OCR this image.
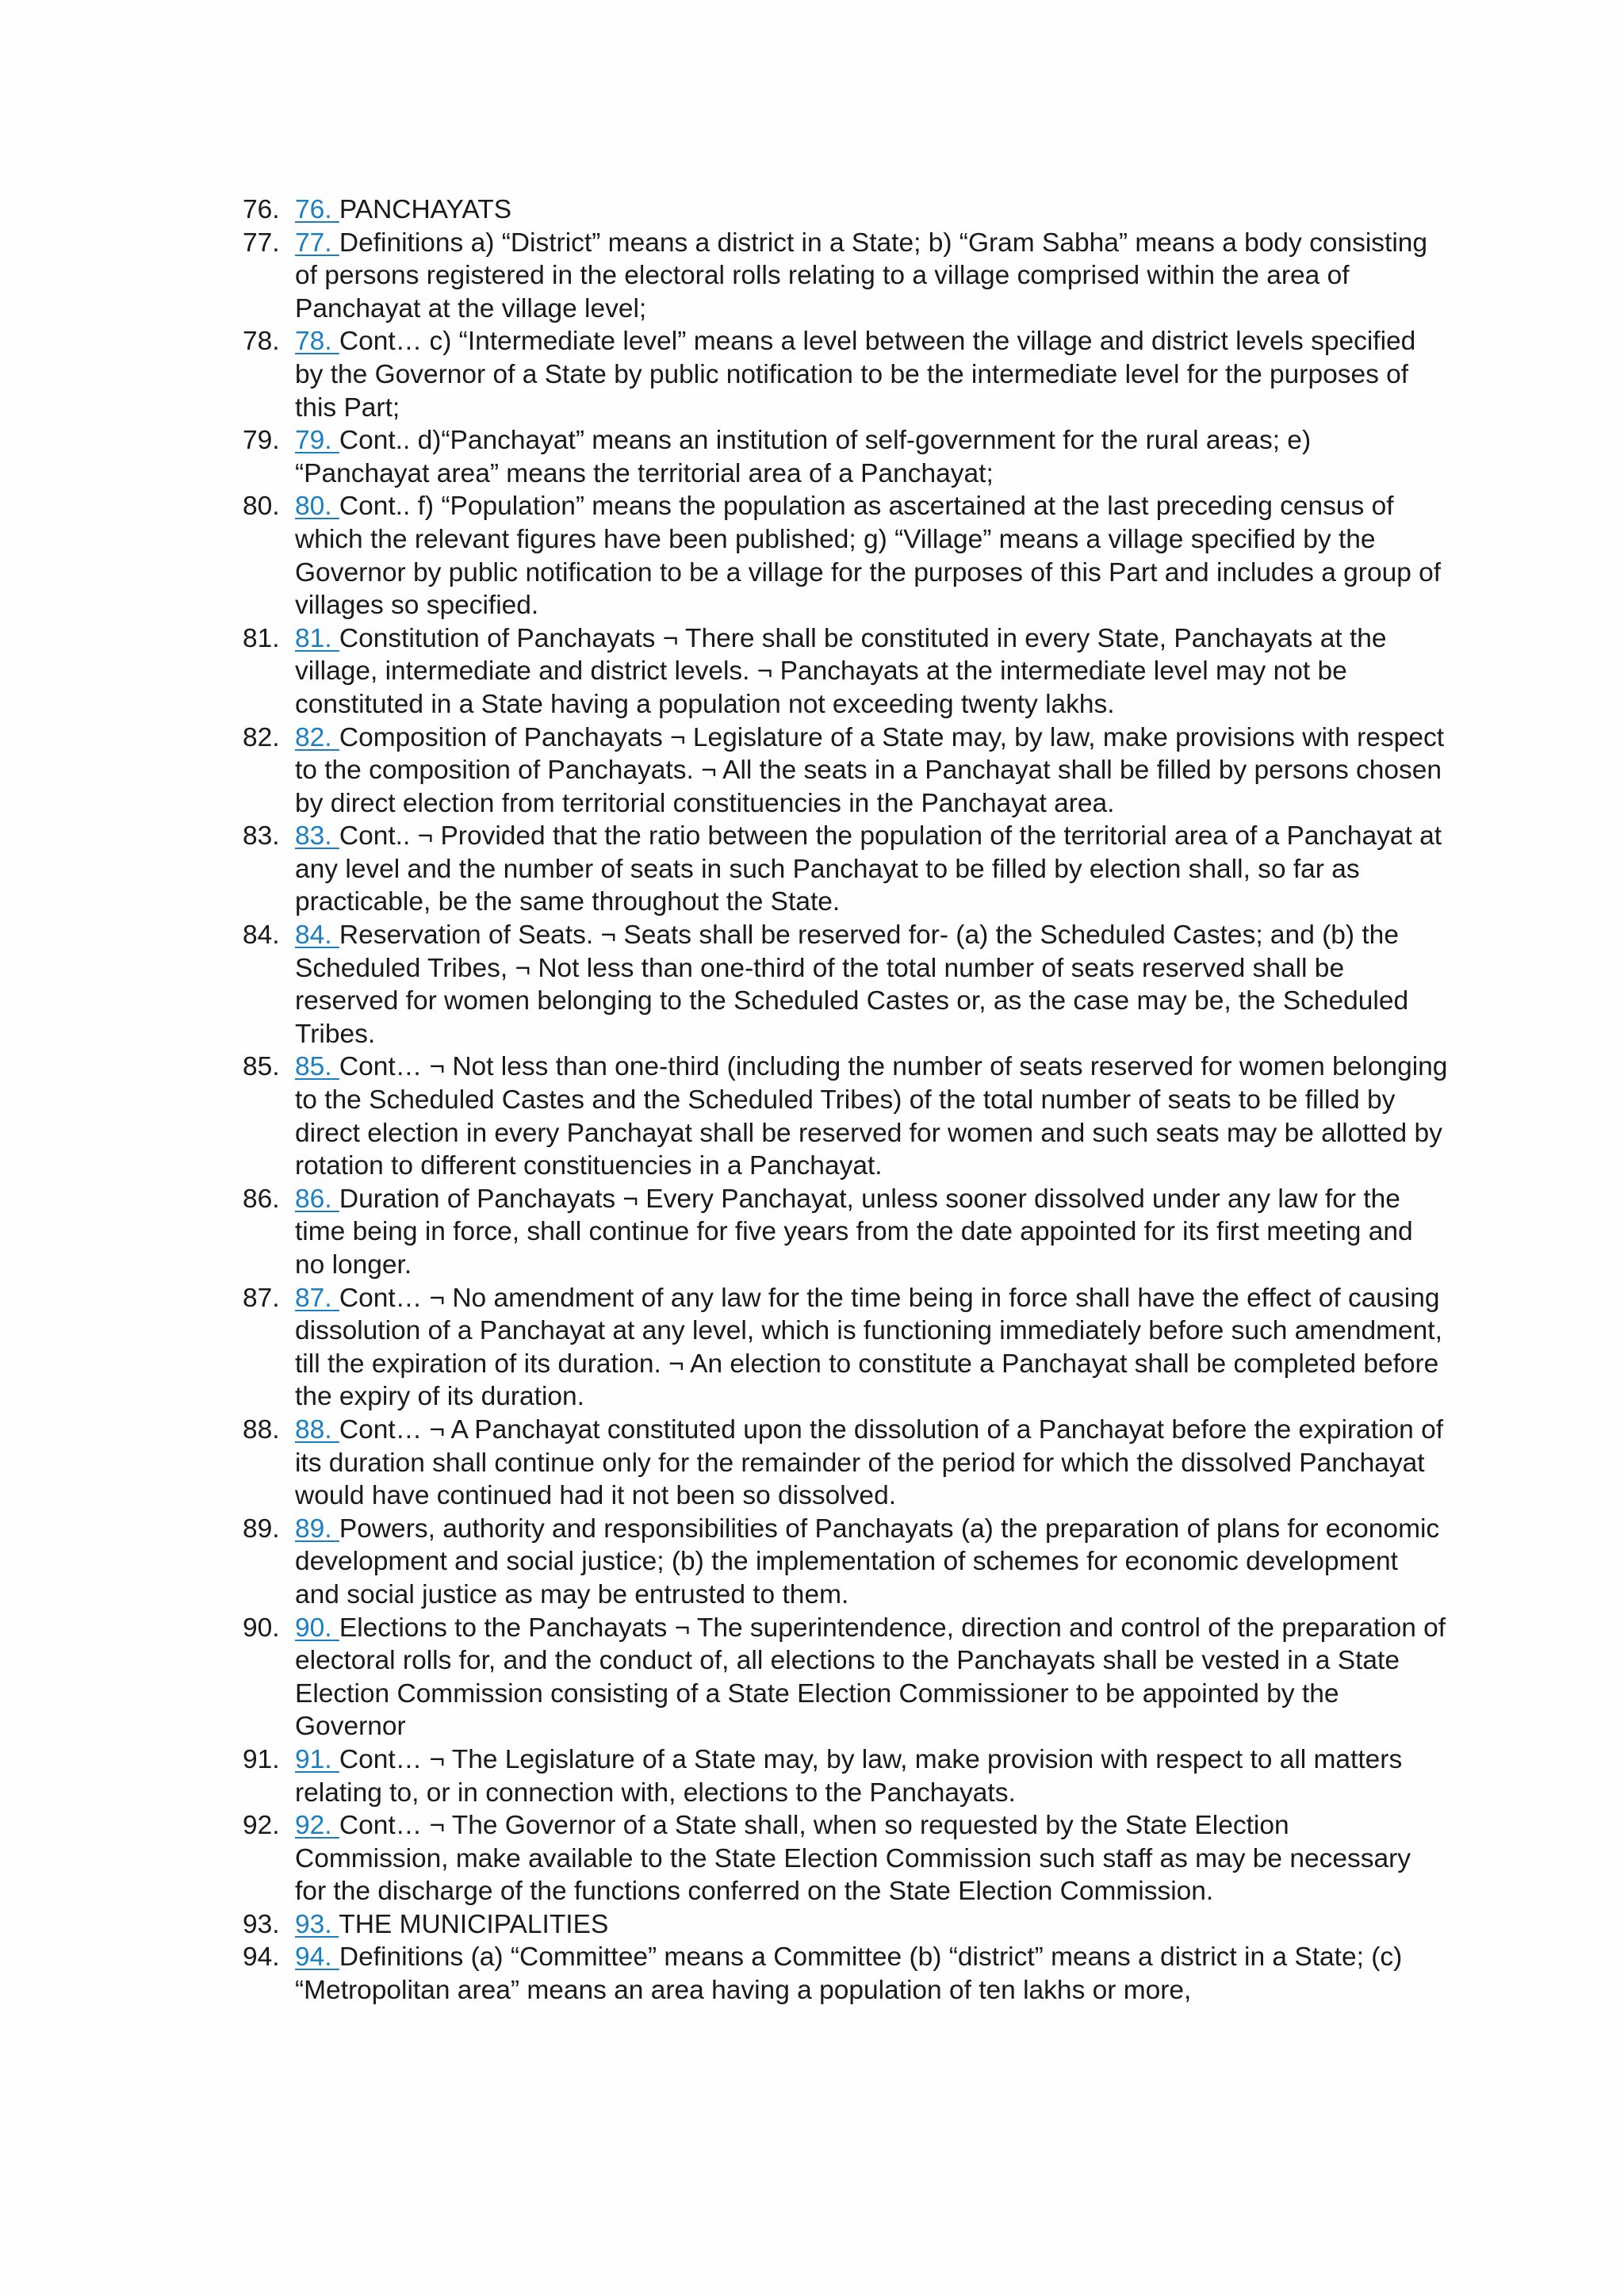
76. 76. PANCHAYATS
77. 77. Definitions a) “District” means a district in a State; b) “Gram Sabha” means a body consisting of persons registered in the electoral rolls relating to a village comprised within the area of Panchayat at the village level;
78. 78. Cont… c) “Intermediate level” means a level between the village and district levels specified by the Governor of a State by public notification to be the intermediate level for the purposes of this Part;
79. 79. Cont.. d)“Panchayat” means an institution of self-government for the rural areas; e) “Panchayat area” means the territorial area of a Panchayat;
80. 80. Cont.. f) “Population” means the population as ascertained at the last preceding census of which the relevant figures have been published; g) “Village” means a village specified by the Governor by public notification to be a village for the purposes of this Part and includes a group of villages so specified.
81. 81. Constitution of Panchayats ¬ There shall be constituted in every State, Panchayats at the village, intermediate and district levels. ¬ Panchayats at the intermediate level may not be constituted in a State having a population not exceeding twenty lakhs.
82. 82. Composition of Panchayats ¬ Legislature of a State may, by law, make provisions with respect to the composition of Panchayats. ¬ All the seats in a Panchayat shall be filled by persons chosen by direct election from territorial constituencies in the Panchayat area.
83. 83. Cont.. ¬ Provided that the ratio between the population of the territorial area of a Panchayat at any level and the number of seats in such Panchayat to be filled by election shall, so far as practicable, be the same throughout the State.
84. 84. Reservation of Seats. ¬ Seats shall be reserved for- (a) the Scheduled Castes; and (b) the Scheduled Tribes, ¬ Not less than one-third of the total number of seats reserved shall be reserved for women belonging to the Scheduled Castes or, as the case may be, the Scheduled Tribes.
85. 85. Cont… ¬ Not less than one-third (including the number of seats reserved for women belonging to the Scheduled Castes and the Scheduled Tribes) of the total number of seats to be filled by direct election in every Panchayat shall be reserved for women and such seats may be allotted by rotation to different constituencies in a Panchayat.
86. 86. Duration of Panchayats ¬ Every Panchayat, unless sooner dissolved under any law for the time being in force, shall continue for five years from the date appointed for its first meeting and no longer.
87. 87. Cont… ¬ No amendment of any law for the time being in force shall have the effect of causing dissolution of a Panchayat at any level, which is functioning immediately before such amendment, till the expiration of its duration. ¬ An election to constitute a Panchayat shall be completed before the expiry of its duration.
88. 88. Cont… ¬ A Panchayat constituted upon the dissolution of a Panchayat before the expiration of its duration shall continue only for the remainder of the period for which the dissolved Panchayat would have continued had it not been so dissolved.
89. 89. Powers, authority and responsibilities of Panchayats (a) the preparation of plans for economic development and social justice; (b) the implementation of schemes for economic development and social justice as may be entrusted to them.
90. 90. Elections to the Panchayats ¬ The superintendence, direction and control of the preparation of electoral rolls for, and the conduct of, all elections to the Panchayats shall be vested in a State Election Commission consisting of a State Election Commissioner to be appointed by the Governor
91. 91. Cont… ¬ The Legislature of a State may, by law, make provision with respect to all matters relating to, or in connection with, elections to the Panchayats.
92. 92. Cont… ¬ The Governor of a State shall, when so requested by the State Election Commission, make available to the State Election Commission such staff as may be necessary for the discharge of the functions conferred on the State Election Commission.
93. 93. THE MUNICIPALITIES
94. 94. Definitions (a) “Committee” means a Committee (b) “district” means a district in a State; (c) “Metropolitan area” means an area having a population of ten lakhs or more,
